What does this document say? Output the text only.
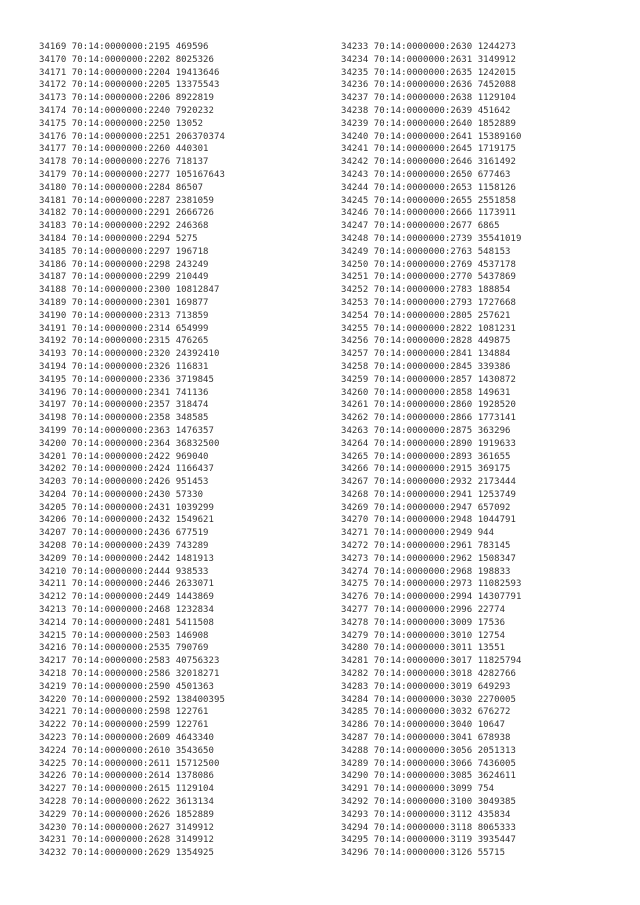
34169 70:14:0000000:2195 469596
34170 70:14:0000000:2202 8025326
34171 70:14:0000000:2204 19413646
34172 70:14:0000000:2205 13375543
34173 70:14:0000000:2206 8922819
34174 70:14:0000000:2240 7920232
34175 70:14:0000000:2250 13052
34176 70:14:0000000:2251 206370374
34177 70:14:0000000:2260 440301
34178 70:14:0000000:2276 718137
34179 70:14:0000000:2277 105167643
34180 70:14:0000000:2284 86507
34181 70:14:0000000:2287 2381059
34182 70:14:0000000:2291 2666726
34183 70:14:0000000:2292 246368
34184 70:14:0000000:2294 5275
34185 70:14:0000000:2297 196718
34186 70:14:0000000:2298 243249
34187 70:14:0000000:2299 210449
34188 70:14:0000000:2300 10812847
34189 70:14:0000000:2301 169877
34190 70:14:0000000:2313 713859
34191 70:14:0000000:2314 654999
34192 70:14:0000000:2315 476265
34193 70:14:0000000:2320 24392410
34194 70:14:0000000:2326 116831
34195 70:14:0000000:2336 3719845
34196 70:14:0000000:2341 741136
34197 70:14:0000000:2357 318474
34198 70:14:0000000:2358 348585
34199 70:14:0000000:2363 1476357
34200 70:14:0000000:2364 36832500
34201 70:14:0000000:2422 969040
34202 70:14:0000000:2424 1166437
34203 70:14:0000000:2426 951453
34204 70:14:0000000:2430 57330
34205 70:14:0000000:2431 1039299
34206 70:14:0000000:2432 1549621
34207 70:14:0000000:2436 677519
34208 70:14:0000000:2439 743289
34209 70:14:0000000:2442 1481913
34210 70:14:0000000:2444 938533
34211 70:14:0000000:2446 2633071
34212 70:14:0000000:2449 1443869
34213 70:14:0000000:2468 1232834
34214 70:14:0000000:2481 5411508
34215 70:14:0000000:2503 146908
34216 70:14:0000000:2535 790769
34217 70:14:0000000:2583 40756323
34218 70:14:0000000:2586 32018271
34219 70:14:0000000:2590 4501363
34220 70:14:0000000:2592 138400395
34221 70:14:0000000:2598 122761
34222 70:14:0000000:2599 122761
34223 70:14:0000000:2609 4643340
34224 70:14:0000000:2610 3543650
34225 70:14:0000000:2611 15712500
34226 70:14:0000000:2614 1378086
34227 70:14:0000000:2615 1129104
34228 70:14:0000000:2622 3613134
34229 70:14:0000000:2626 1852889
34230 70:14:0000000:2627 3149912
34231 70:14:0000000:2628 3149912
34232 70:14:0000000:2629 1354925
34233 70:14:0000000:2630 1244273
34234 70:14:0000000:2631 3149912
34235 70:14:0000000:2635 1242015
34236 70:14:0000000:2636 7452088
34237 70:14:0000000:2638 1129104
34238 70:14:0000000:2639 451642
34239 70:14:0000000:2640 1852889
34240 70:14:0000000:2641 15389160
34241 70:14:0000000:2645 1719175
34242 70:14:0000000:2646 3161492
34243 70:14:0000000:2650 677463
34244 70:14:0000000:2653 1158126
34245 70:14:0000000:2655 2551858
34246 70:14:0000000:2666 1173911
34247 70:14:0000000:2677 6865
34248 70:14:0000000:2739 35541019
34249 70:14:0000000:2763 548153
34250 70:14:0000000:2769 4537178
34251 70:14:0000000:2770 5437869
34252 70:14:0000000:2783 188854
34253 70:14:0000000:2793 1727668
34254 70:14:0000000:2805 257621
34255 70:14:0000000:2822 1081231
34256 70:14:0000000:2828 449875
34257 70:14:0000000:2841 134884
34258 70:14:0000000:2845 339386
34259 70:14:0000000:2857 1430872
34260 70:14:0000000:2858 149631
34261 70:14:0000000:2860 1928520
34262 70:14:0000000:2866 1773141
34263 70:14:0000000:2875 363296
34264 70:14:0000000:2890 1919633
34265 70:14:0000000:2893 361655
34266 70:14:0000000:2915 369175
34267 70:14:0000000:2932 2173444
34268 70:14:0000000:2941 1253749
34269 70:14:0000000:2947 657092
34270 70:14:0000000:2948 1044791
34271 70:14:0000000:2949 944
34272 70:14:0000000:2961 783145
34273 70:14:0000000:2962 1508347
34274 70:14:0000000:2968 198833
34275 70:14:0000000:2973 11082593
34276 70:14:0000000:2994 14307791
34277 70:14:0000000:2996 22774
34278 70:14:0000000:3009 17536
34279 70:14:0000000:3010 12754
34280 70:14:0000000:3011 13551
34281 70:14:0000000:3017 11825794
34282 70:14:0000000:3018 4282766
34283 70:14:0000000:3019 649293
34284 70:14:0000000:3030 2270005
34285 70:14:0000000:3032 676272
34286 70:14:0000000:3040 10647
34287 70:14:0000000:3041 678938
34288 70:14:0000000:3056 2051313
34289 70:14:0000000:3066 7436005
34290 70:14:0000000:3085 3624611
34291 70:14:0000000:3099 754
34292 70:14:0000000:3100 3049385
34293 70:14:0000000:3112 435834
34294 70:14:0000000:3118 8065333
34295 70:14:0000000:3119 3935447
34296 70:14:0000000:3126 55715
